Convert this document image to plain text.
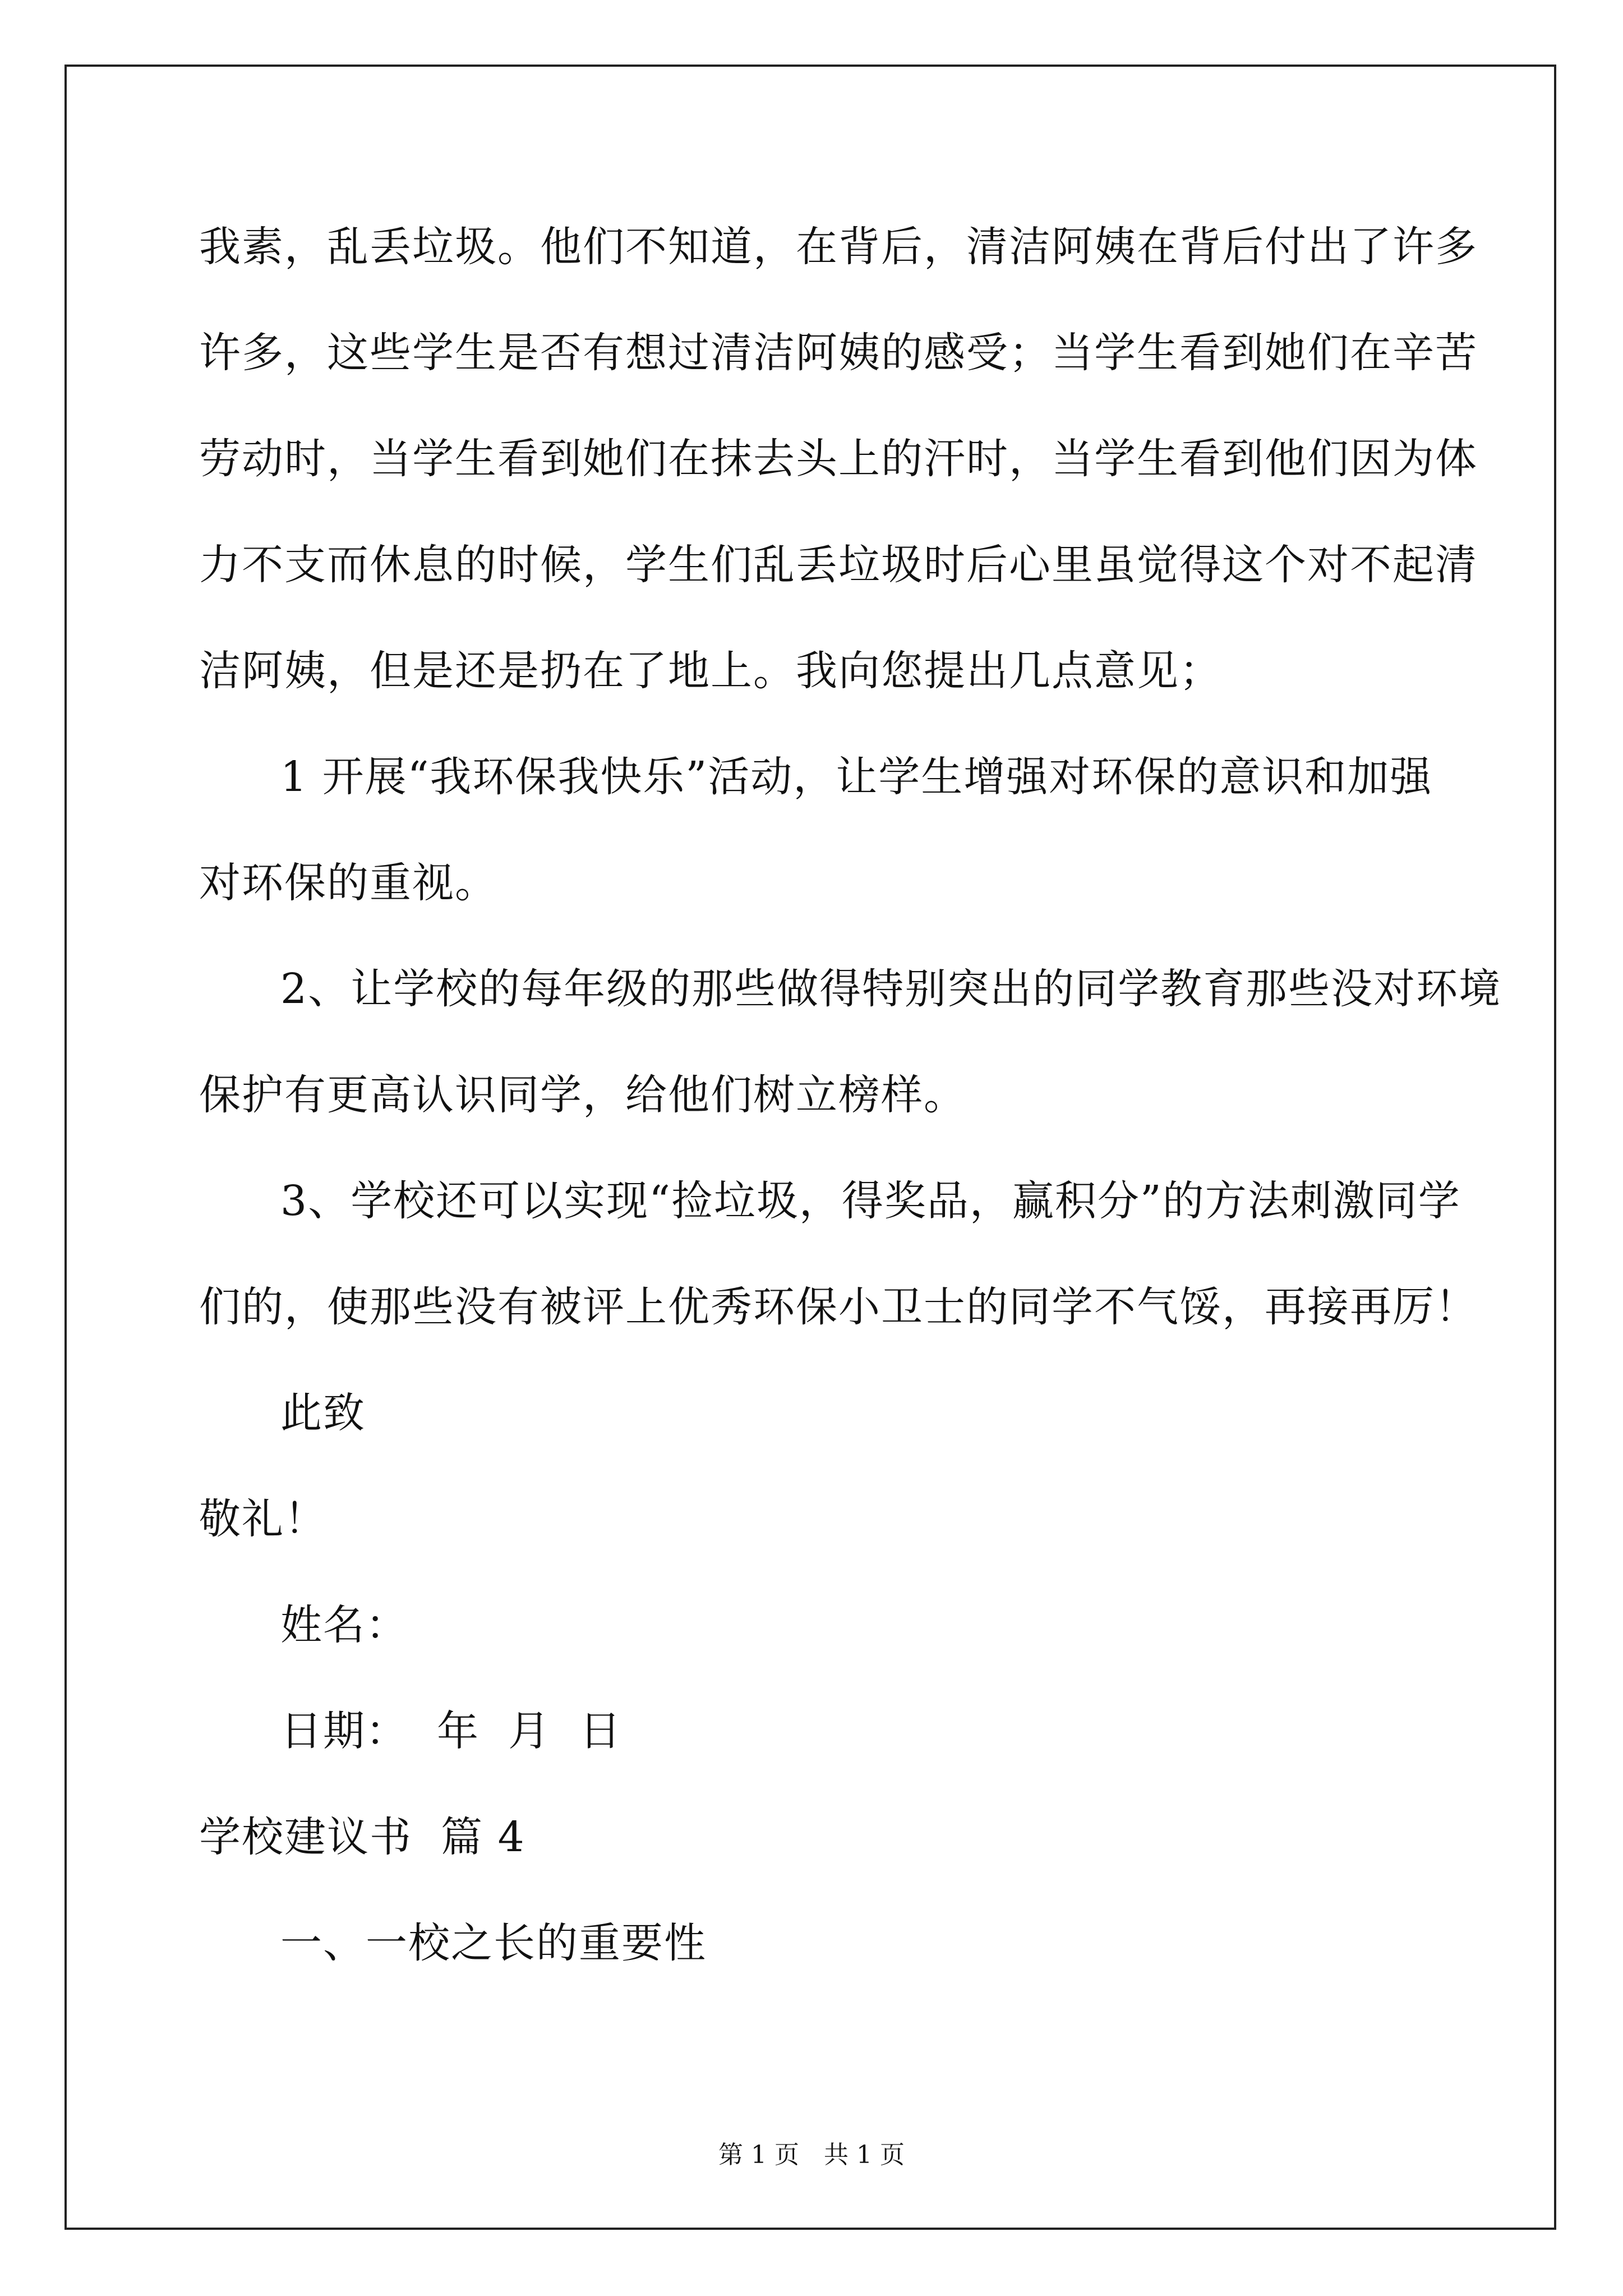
我素，乱丢垃圾。他们不知道，在背后，清洁阿姨在背后付出了许多
许多，这些学生是否有想过清洁阿姨的感受；当学生看到她们在辛苦
劳动时，当学生看到她们在抹去头上的汗时，当学生看到他们因为体
力不支而休息的时候，学生们乱丢垃圾时后心里虽觉得这个对不起清
洁阿姨，但是还是扔在了地上。我向您提出几点意见；
1 开展“我环保我快乐”活动，让学生增强对环保的意识和加强
对环保的重视。
2、让学校的每年级的那些做得特别突出的同学教育那些没对环境
保护有更高认识同学，给他们树立榜样。
3、学校还可以实现“捡垃圾，得奖品，赢积分”的方法刺激同学
们的，使那些没有被评上优秀环保小卫士的同学不气馁，再接再厉！
此致
敬礼！
姓名：
日期：  年  月  日
学校建议书  篇 4
一、一校之长的重要性
第 1 页　共 1 页
